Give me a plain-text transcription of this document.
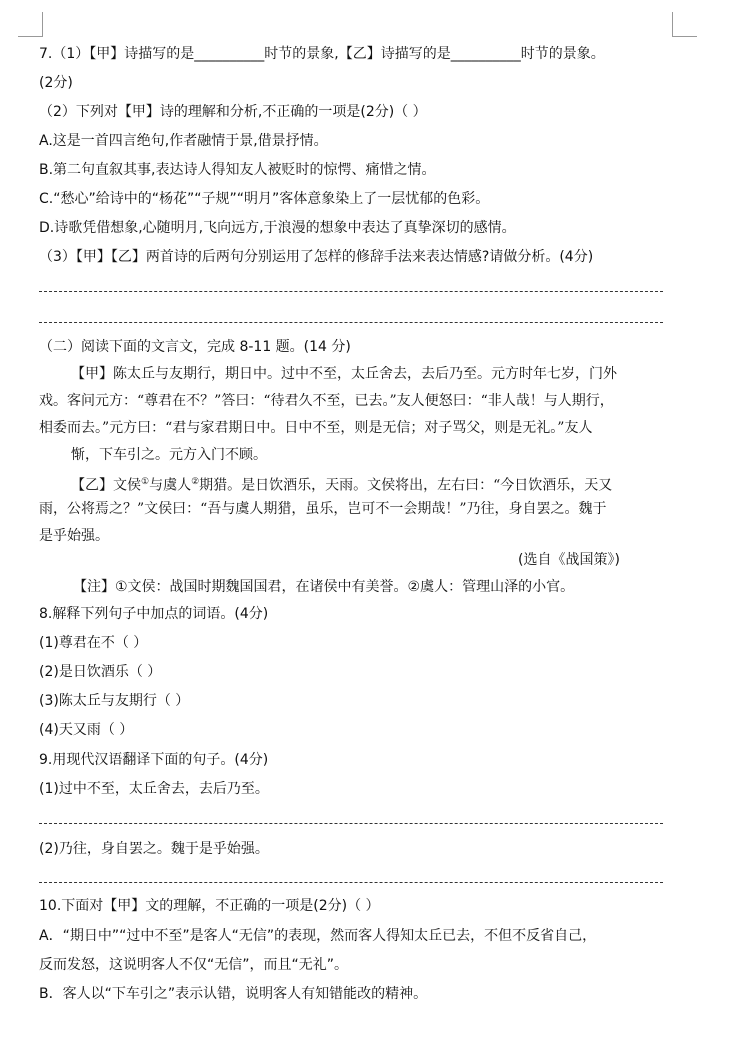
7.（1）【甲】诗描写的是__________时节的景象,【乙】诗描写的是__________时节的景象。
(2分)
（2）下列对【甲】诗的理解和分析,不正确的一项是(2分)（ ）
A.这是一首四言绝句,作者融情于景,借景抒情。
B.第二句直叙其事,表达诗人得知友人被贬时的惊愕、痛惜之情。
C.“愁心”给诗中的“杨花”“子规”“明月”客体意象染上了一层忧郁的色彩。
D.诗歌凭借想象,心随明月,飞向远方,于浪漫的想象中表达了真挚深切的感情。
（3）【甲】【乙】两首诗的后两句分别运用了怎样的修辞手法来表达情感?请做分析。(4分)
（二）阅读下面的文言文，完成 8-11 题。(14 分)
【甲】陈太丘与友期行，期日中。过中不至，太丘舍去，去后乃至。元方时年七岁，门外
戏。客问元方：“尊君在不？”答曰：“待君久不至，已去。”友人便怒曰：“非人哉！与人期行，
相委而去。”元方曰：“君与家君期日中。日中不至，则是无信；对子骂父，则是无礼。”友人
惭，下车引之。元方入门不顾。
【乙】文侯①与虞人②期猎。是日饮酒乐，天雨。文侯将出，左右曰：“今日饮酒乐，天又
雨，公将焉之？”文侯曰：“吾与虞人期猎，虽乐，岂可不一会期哉！”乃往，身自罢之。魏于
是乎始强。
(选自《战国策》)
【注】①文侯：战国时期魏国国君，在诸侯中有美誉。②虞人：管理山泽的小官。
8.解释下列句子中加点的词语。(4分)
(1)尊君在不（ ）
(2)是日饮酒乐（ ）
(3)陈太丘与友期行（ ）
(4)天又雨（ ）
9.用现代汉语翻译下面的句子。(4分)
(1)过中不至，太丘舍去，去后乃至。
(2)乃往，身自罢之。魏于是乎始强。
10.下面对【甲】文的理解，不正确的一项是(2分)（ ）
A．“期日中”“过中不至”是客人“无信”的表现，然而客人得知太丘已去，不但不反省自己，
反而发怒，这说明客人不仅“无信”，而且“无礼”。
B．客人以“下车引之”表示认错，说明客人有知错能改的精神。
